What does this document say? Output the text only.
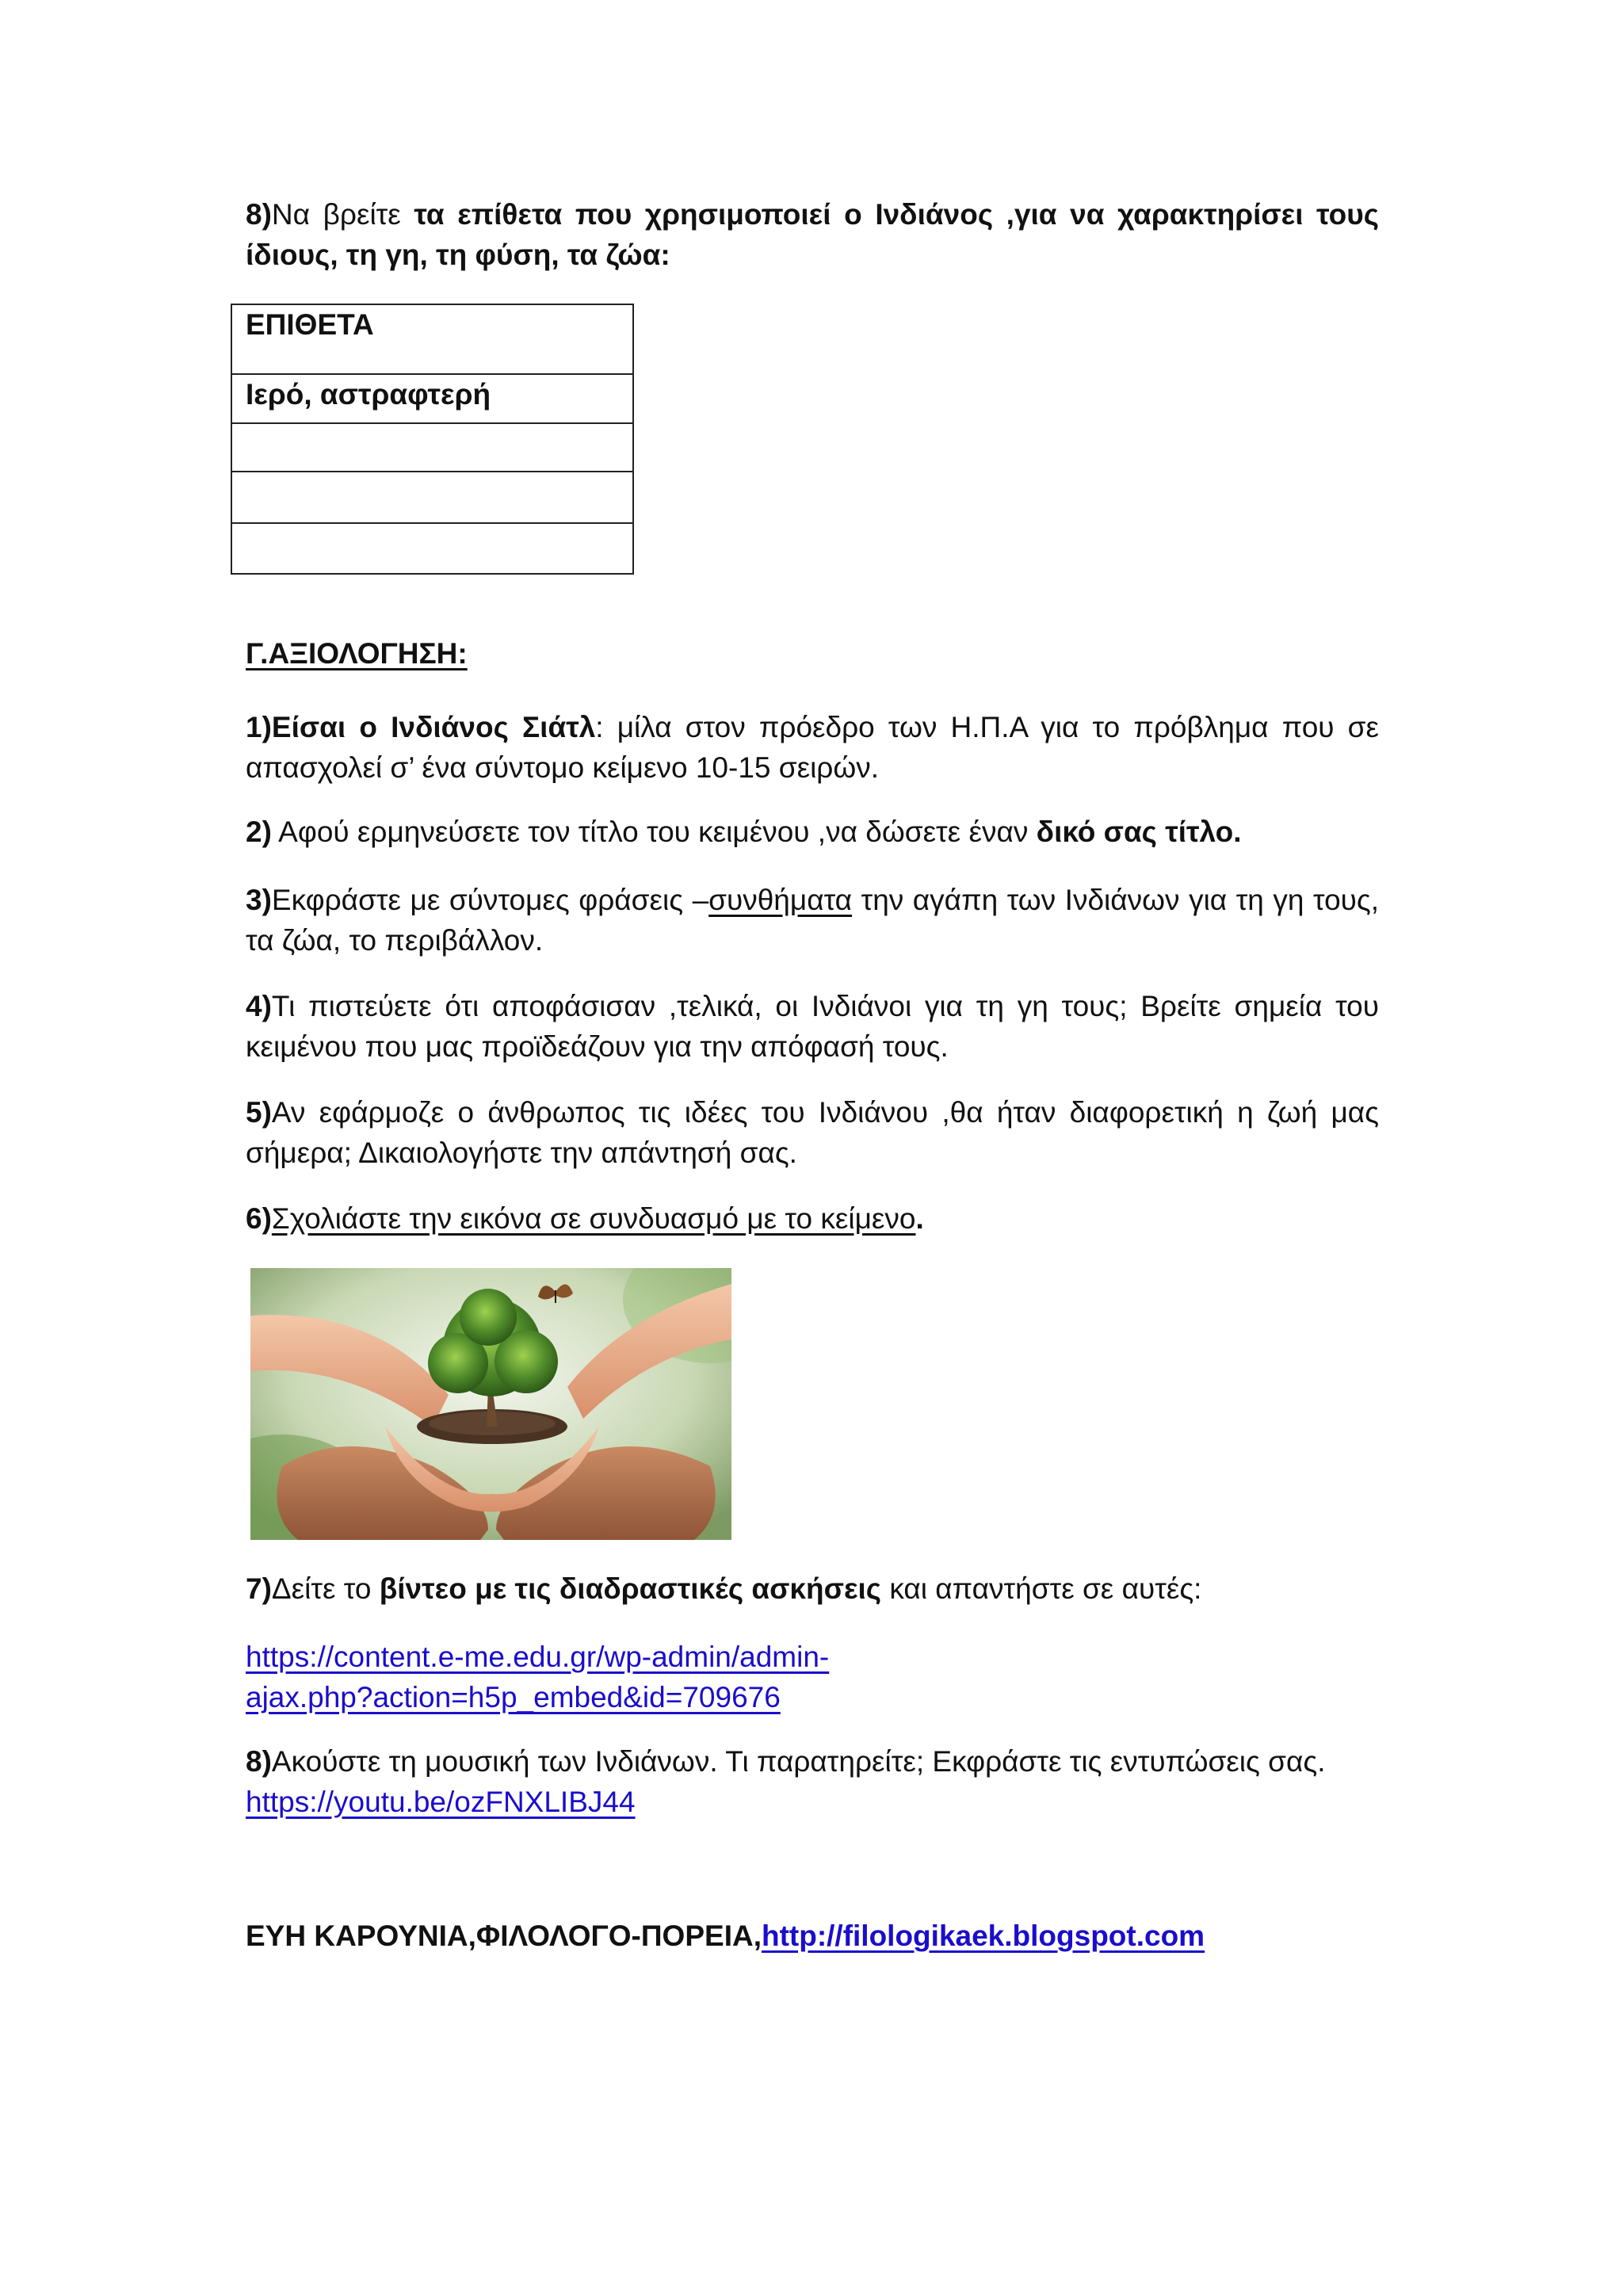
8)Να βρείτε τα επίθετα που χρησιμοποιεί ο Ινδιάνος ,για να χαρακτηρίσει τους ίδιους, τη γη, τη φύση, τα ζώα:
ΕΠΙΘΕΤΑ
Ιερό, αστραφτερή

Γ.ΑΞΙΟΛΟΓΗΣΗ:
1)Είσαι ο Ινδιάνος Σιάτλ: μίλα στον πρόεδρο των Η.Π.Α για το πρόβλημα που σε απασχολεί σ’ ένα σύντομο κείμενο 10-15 σειρών.
2) Αφού ερμηνεύσετε τον τίτλο του κειμένου ,να δώσετε έναν δικό σας τίτλο.
3)Εκφράστε με σύντομες φράσεις –συνθήματα την αγάπη των Ινδιάνων για τη γη τους, τα ζώα, το περιβάλλον.
4)Τι πιστεύετε ότι αποφάσισαν ,τελικά, οι Ινδιάνοι για τη γη τους; Βρείτε σημεία του κειμένου που μας προϊδεάζουν για την απόφασή τους.
5)Αν εφάρμοζε ο άνθρωπος τις ιδέες του Ινδιάνου ,θα ήταν διαφορετική η ζωή μας σήμερα; Δικαιολογήστε την απάντησή σας.
6)Σχολιάστε την εικόνα σε συνδυασμό με το κείμενο.
7)Δείτε το βίντεο με τις διαδραστικές ασκήσεις και απαντήστε σε αυτές:
https://content.e-me.edu.gr/wp-admin/admin-
ajax.php?action=h5p_embed&id=709676
8)Ακούστε τη μουσική των Ινδιάνων. Τι παρατηρείτε; Εκφράστε τις εντυπώσεις σας.
https://youtu.be/ozFNXLIBJ44
ΕΥΗ ΚΑΡΟΥΝΙΑ,ΦΙΛΟΛΟΓΟ-ΠΟΡΕΙΑ,http://filologikaek.blogspot.com
